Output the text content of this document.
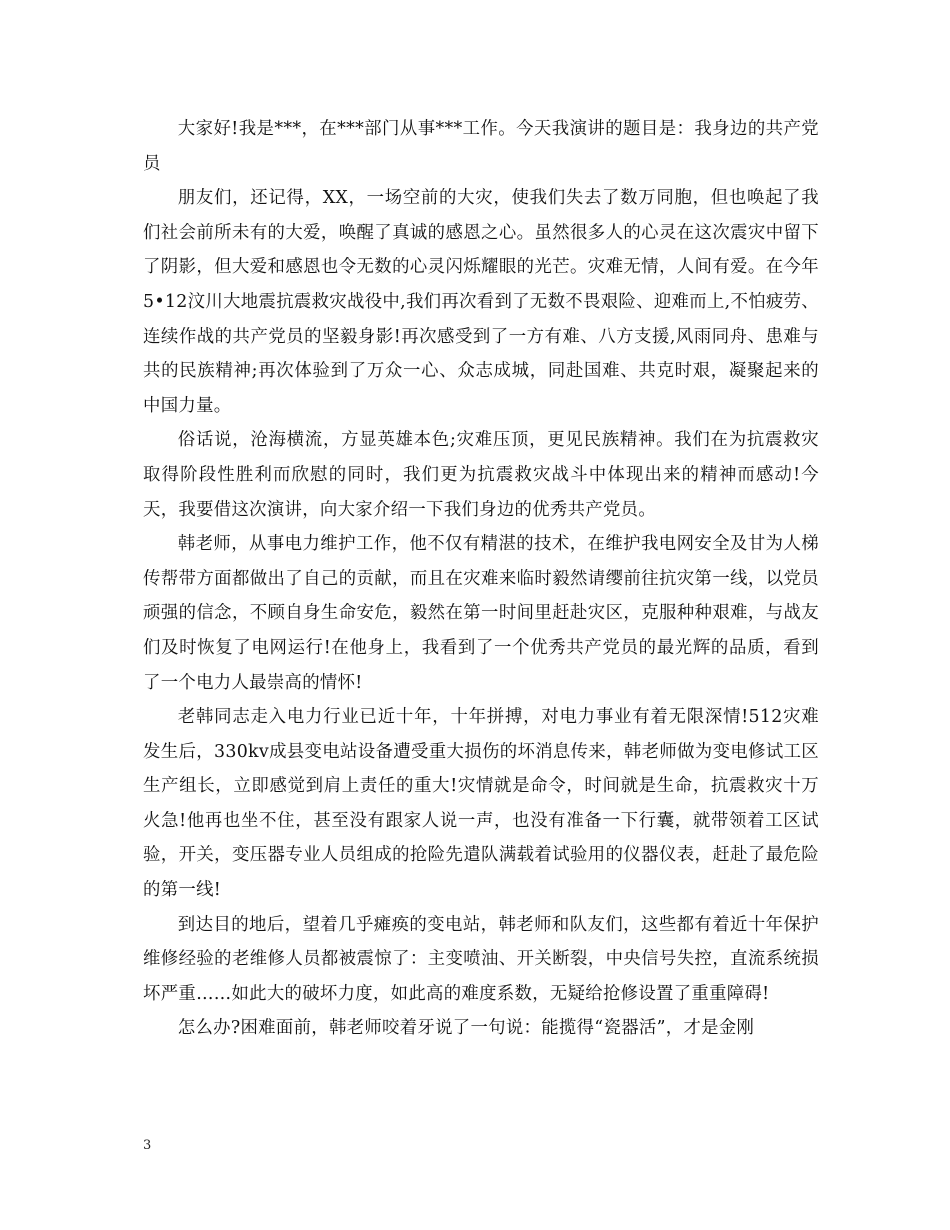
大家好!我是***，在***部门从事***工作。今天我演讲的题目是：我身边的共产党员

朋友们，还记得，XX，一场空前的大灾，使我们失去了数万同胞，但也唤起了我们社会前所未有的大爱，唤醒了真诚的感恩之心。虽然很多人的心灵在这次震灾中留下了阴影，但大爱和感恩也令无数的心灵闪烁耀眼的光芒。灾难无情，人间有爱。在今年5•12汶川大地震抗震救灾战役中,我们再次看到了无数不畏艰险、迎难而上,不怕疲劳、连续作战的共产党员的坚毅身影!再次感受到了一方有难、八方支援,风雨同舟、患难与共的民族精神;再次体验到了万众一心、众志成城，同赴国难、共克时艰，凝聚起来的中国力量。

俗话说，沧海横流，方显英雄本色;灾难压顶，更见民族精神。我们在为抗震救灾取得阶段性胜利而欣慰的同时，我们更为抗震救灾战斗中体现出来的精神而感动!今天，我要借这次演讲，向大家介绍一下我们身边的优秀共产党员。

韩老师，从事电力维护工作，他不仅有精湛的技术，在维护我电网安全及甘为人梯传帮带方面都做出了自己的贡献，而且在灾难来临时毅然请缨前往抗灾第一线，以党员顽强的信念，不顾自身生命安危，毅然在第一时间里赶赴灾区，克服种种艰难，与战友们及时恢复了电网运行!在他身上，我看到了一个优秀共产党员的最光辉的品质，看到了一个电力人最崇高的情怀!

老韩同志走入电力行业已近十年，十年拼搏，对电力事业有着无限深情!512灾难发生后，330kv成县变电站设备遭受重大损伤的坏消息传来，韩老师做为变电修试工区生产组长，立即感觉到肩上责任的重大!灾情就是命令，时间就是生命，抗震救灾十万火急!他再也坐不住，甚至没有跟家人说一声，也没有准备一下行囊，就带领着工区试验，开关，变压器专业人员组成的抢险先遣队满载着试验用的仪器仪表，赶赴了最危险的第一线!

到达目的地后，望着几乎瘫痪的变电站，韩老师和队友们，这些都有着近十年保护维修经验的老维修人员都被震惊了：主变喷油、开关断裂，中央信号失控，直流系统损坏严重……如此大的破坏力度，如此高的难度系数，无疑给抢修设置了重重障碍!

怎么办?困难面前，韩老师咬着牙说了一句说：能揽得“瓷器活”，才是金刚

3
